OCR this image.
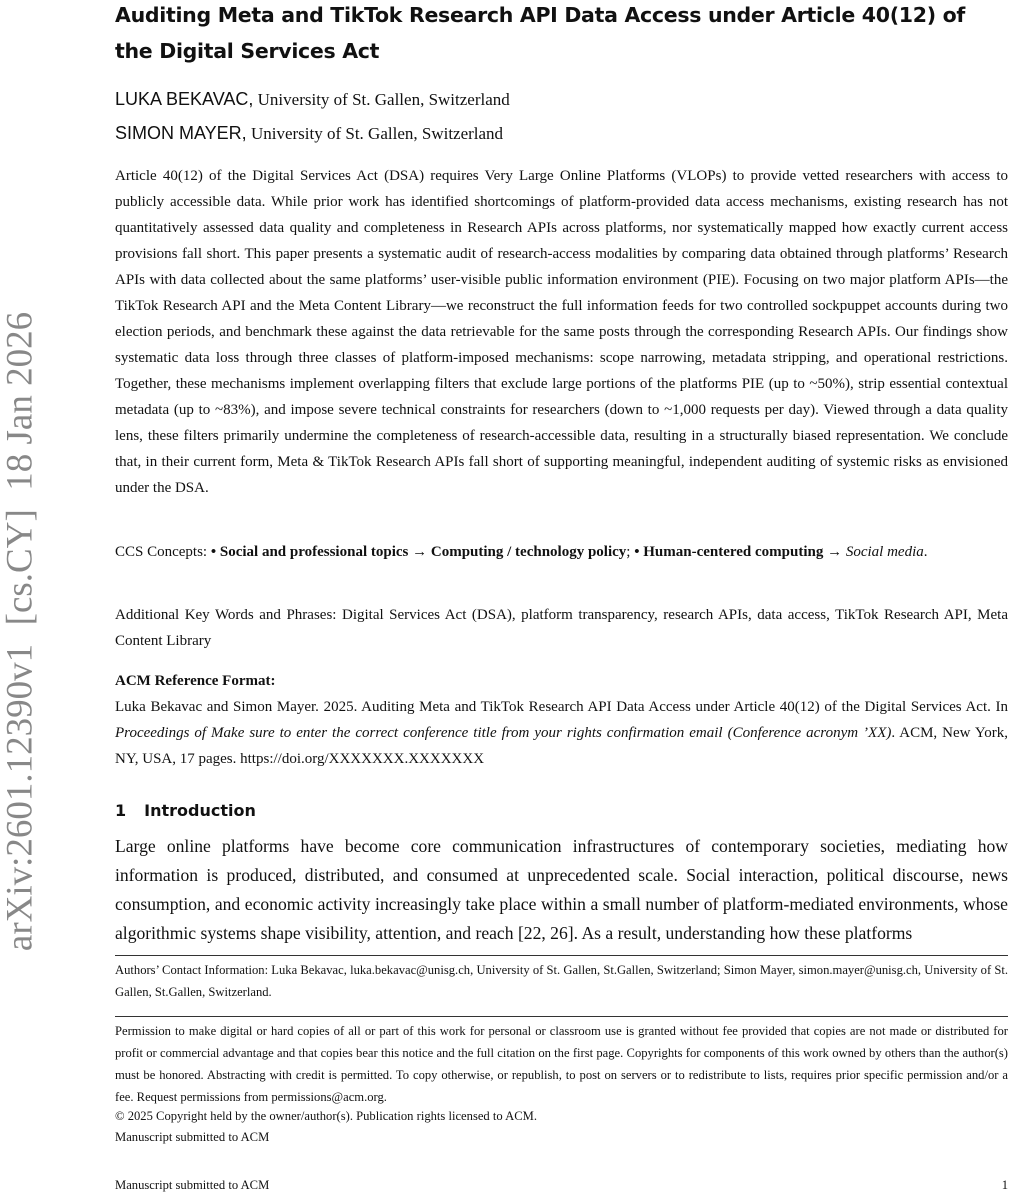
arXiv:2601.12390v1  [cs.CY]  18 Jan 2026
Auditing Meta and TikTok Research API Data Access under Article 40(12) of the Digital Services Act
LUKA BEKAVAC, University of St. Gallen, Switzerland
SIMON MAYER, University of St. Gallen, Switzerland
Article 40(12) of the Digital Services Act (DSA) requires Very Large Online Platforms (VLOPs) to provide vetted researchers with access to publicly accessible data. While prior work has identified shortcomings of platform-provided data access mechanisms, existing research has not quantitatively assessed data quality and completeness in Research APIs across platforms, nor systematically mapped how exactly current access provisions fall short. This paper presents a systematic audit of research-access modalities by comparing data obtained through platforms’ Research APIs with data collected about the same platforms’ user-visible public information environment (PIE). Focusing on two major platform APIs—the TikTok Research API and the Meta Content Library—we reconstruct the full information feeds for two controlled sockpuppet accounts during two election periods, and benchmark these against the data retrievable for the same posts through the corresponding Research APIs. Our findings show systematic data loss through three classes of platform-imposed mechanisms: scope narrowing, metadata stripping, and operational restrictions. Together, these mechanisms implement overlapping filters that exclude large portions of the platforms PIE (up to ~50%), strip essential contextual metadata (up to ~83%), and impose severe technical constraints for researchers (down to ~1,000 requests per day). Viewed through a data quality lens, these filters primarily undermine the completeness of research-accessible data, resulting in a structurally biased representation. We conclude that, in their current form, Meta & TikTok Research APIs fall short of supporting meaningful, independent auditing of systemic risks as envisioned under the DSA.
CCS Concepts: • Social and professional topics → Computing / technology policy; • Human-centered computing → Social media.
Additional Key Words and Phrases: Digital Services Act (DSA), platform transparency, research APIs, data access, TikTok Research API, Meta Content Library
ACM Reference Format:
Luka Bekavac and Simon Mayer. 2025. Auditing Meta and TikTok Research API Data Access under Article 40(12) of the Digital Services Act. In Proceedings of Make sure to enter the correct conference title from your rights confirmation email (Conference acronym ’XX). ACM, New York, NY, USA, 17 pages. https://doi.org/XXXXXXX.XXXXXXX
1 Introduction
Large online platforms have become core communication infrastructures of contemporary societies, mediating how information is produced, distributed, and consumed at unprecedented scale. Social interaction, political discourse, news consumption, and economic activity increasingly take place within a small number of platform-mediated environments, whose algorithmic systems shape visibility, attention, and reach [22, 26]. As a result, understanding how these platforms
Authors’ Contact Information: Luka Bekavac, luka.bekavac@unisg.ch, University of St. Gallen, St.Gallen, Switzerland; Simon Mayer, simon.mayer@unisg.ch, University of St. Gallen, St.Gallen, Switzerland.
Permission to make digital or hard copies of all or part of this work for personal or classroom use is granted without fee provided that copies are not made or distributed for profit or commercial advantage and that copies bear this notice and the full citation on the first page. Copyrights for components of this work owned by others than the author(s) must be honored. Abstracting with credit is permitted. To copy otherwise, or republish, to post on servers or to redistribute to lists, requires prior specific permission and/or a fee. Request permissions from permissions@acm.org.
© 2025 Copyright held by the owner/author(s). Publication rights licensed to ACM.
Manuscript submitted to ACM
Manuscript submitted to ACM	1
